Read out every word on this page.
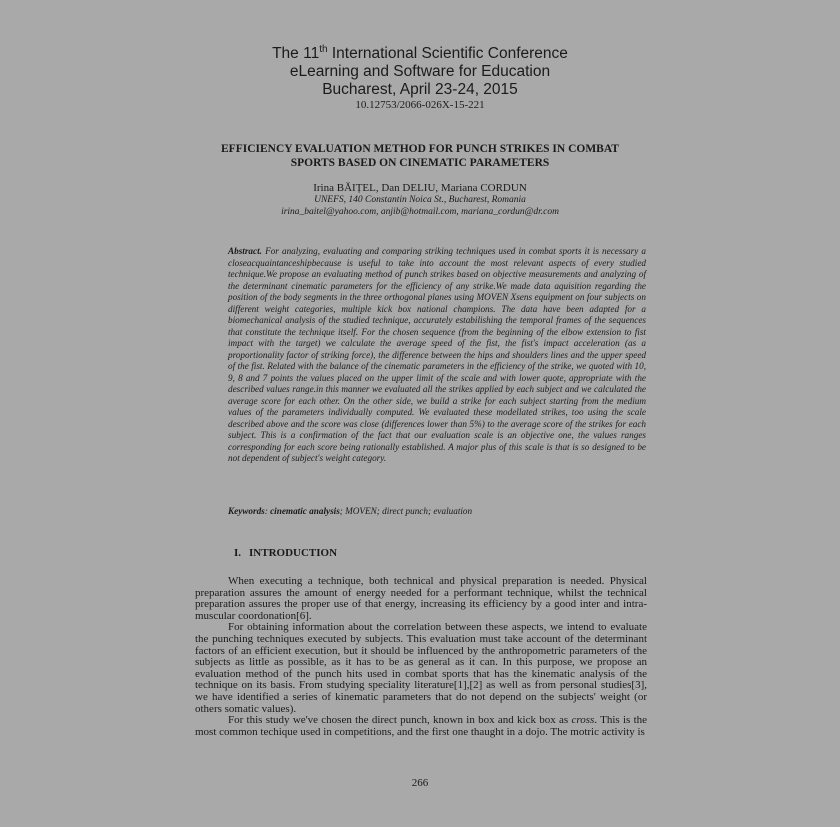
The 11th International Scientific Conference
eLearning and Software for Education
Bucharest, April 23-24, 2015
10.12753/2066-026X-15-221
EFFICIENCY EVALUATION METHOD FOR PUNCH STRIKES IN COMBAT
SPORTS BASED ON CINEMATIC PARAMETERS
Irina BĂIȚEL, Dan DELIU, Mariana CORDUN
UNEFS, 140 Constantin Noica St., Bucharest, Romania
irina_baitel@yahoo.com, anjib@hotmail.com, mariana_cordun@dr.com
Abstract. For analyzing, evaluating and comparing striking techniques used in combat sports it is necessary a closeacquaintanceshipbecause is useful to take into account the most relevant aspects of every studied technique.We propose an evaluating method of punch strikes based on objective measurements and analyzing of the determinant cinematic parameters for the efficiency of any strike.We made data aquisition regarding the position of the body segments in the three orthogonal planes using MOVEN Xsens equipment on four subjects on different weight categories, multiple kick box national champions. The data have been adapted for a biomechanical analysis of the studied technique, accurately estabilishing the temporal frames of the sequences that constitute the technique itself. For the chosen sequence (from the beginning of the elbow extension to fist impact with the target) we calculate the average speed of the fist, the fist's impact acceleration (as a proportionality factor of striking force), the difference between the hips and shoulders lines and the upper speed of the fist. Related with the balance of the cinematic parameters in the efficiency of the strike, we quoted with 10, 9, 8 and 7 points the values placed on the upper limit of the scale and with lower quote, appropriate with the described values range.in this manner we evaluated all the strikes applied by each subject and we calculated the average score for each other. On the other side, we build a strike for each subject starting from the medium values of the parameters individually computed. We evaluated these modellated strikes, too using the scale described above and the score was close (differences lower than 5%) to the average score of the strikes for each subject. This is a confirmation of the fact that our evaluation scale is an objective one, the values ranges corresponding for each score being rationally established. A major plus of this scale is that is so designed to be not dependent of subject's weight category.
Keywords: cinematic analysis; MOVEN; direct punch; evaluation
I. INTRODUCTION

When executing a technique, both technical and physical preparation is needed. Physical preparation assures the amount of energy needed for a performant technique, whilst the technical preparation assures the proper use of that energy, increasing its efficiency by a good inter and intra-muscular coordonation[6].

For obtaining information about the correlation between these aspects, we intend to evaluate the punching techniques executed by subjects. This evaluation must take account of the determinant factors of an efficient execution, but it should be influenced by the anthropometric parameters of the subjects as little as possible, as it has to be as general as it can. In this purpose, we propose an evaluation method of the punch hits used in combat sports that has the kinematic analysis of the technique on its basis. From studying speciality literature[1],[2] as well as from personal studies[3], we have identified a series of kinematic parameters that do not depend on the subjects' weight (or others somatic values).

For this study we've chosen the direct punch, known in box and kick box as cross. This is the most common techique used in competitions, and the first one thaught in a dojo. The motric activity is

266
